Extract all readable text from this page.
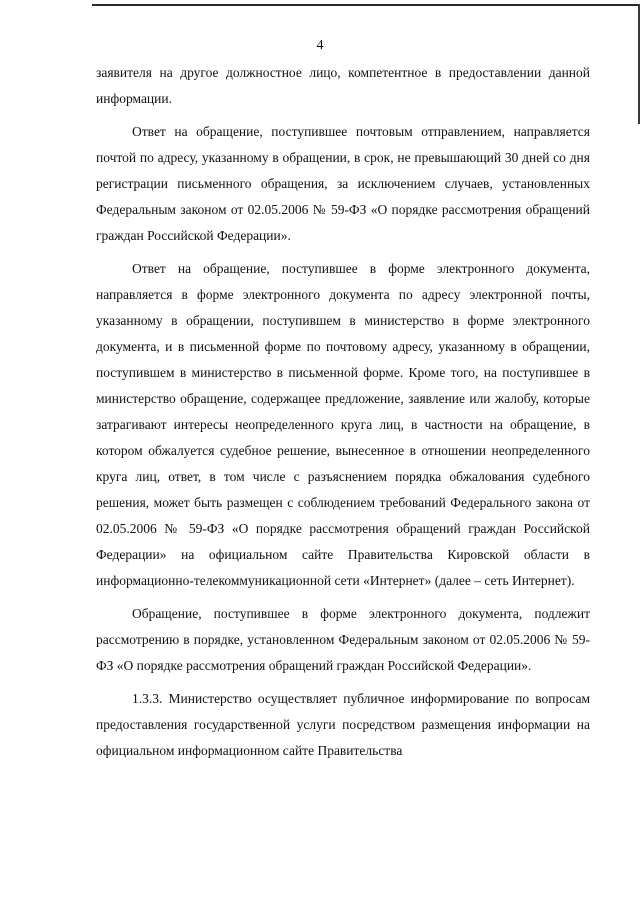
4

заявителя на другое должностное лицо, компетентное в предоставлении данной информации.

Ответ на обращение, поступившее почтовым отправлением, направляется почтой по адресу, указанному в обращении, в срок, не превышающий 30 дней со дня регистрации письменного обращения, за исключением случаев, установленных Федеральным законом от 02.05.2006 № 59-ФЗ «О порядке рассмотрения обращений граждан Российской Федерации».

Ответ на обращение, поступившее в форме электронного документа, направляется в форме электронного документа по адресу электронной почты, указанному в обращении, поступившем в министерство в форме электронного документа, и в письменной форме по почтовому адресу, указанному в обращении, поступившем в министерство в письменной форме. Кроме того, на поступившее в министерство обращение, содержащее предложение, заявление или жалобу, которые затрагивают интересы неопределенного круга лиц, в частности на обращение, в котором обжалуется судебное решение, вынесенное в отношении неопределенного круга лиц, ответ, в том числе с разъяснением порядка обжалования судебного решения, может быть размещен с соблюдением требований Федерального закона от 02.05.2006 № 59-ФЗ «О порядке рассмотрения обращений граждан Российской Федерации» на официальном сайте Правительства Кировской области в информационно-телекоммуникационной сети «Интернет» (далее – сеть Интернет).

Обращение, поступившее в форме электронного документа, подлежит рассмотрению в порядке, установленном Федеральным законом от 02.05.2006 № 59-ФЗ «О порядке рассмотрения обращений граждан Российской Федерации».

1.3.3. Министерство осуществляет публичное информирование по вопросам предоставления государственной услуги посредством размещения информации на официальном информационном сайте Правительства
